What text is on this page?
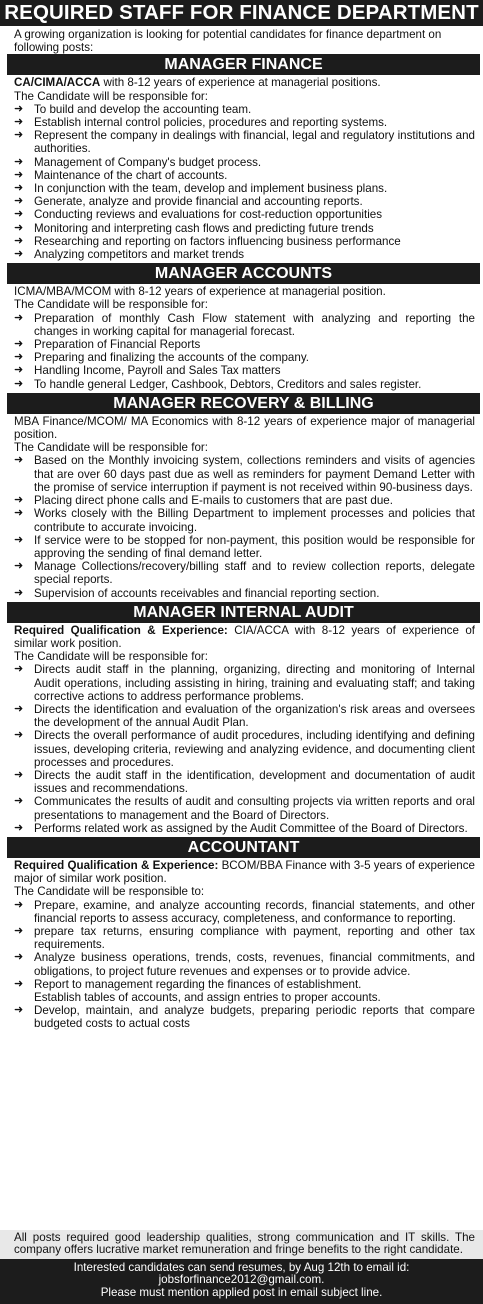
REQUIRED STAFF FOR FINANCE DEPARTMENT
A growing organization is looking for potential candidates for finance department on following posts:
MANAGER FINANCE

CA/CIMA/ACCA with 8-12 years of experience at managerial positions.

The Candidate will be responsible for:

➜ To build and develop the accounting team.
➜ Establish internal control policies, procedures and reporting systems.
➜ Represent the company in dealings with financial, legal and regulatory institutions and authorities.
➜ Management of Company's budget process.
➜ Maintenance of the chart of accounts.
➜ In conjunction with the team, develop and implement business plans.
➜ Generate, analyze and provide financial and accounting reports.
➜ Conducting reviews and evaluations for cost-reduction opportunities
➜ Monitoring and interpreting cash flows and predicting future trends
➜ Researching and reporting on factors influencing business performance
➜ Analyzing competitors and market trends
MANAGER ACCOUNTS

ICMA/MBA/MCOM with 8-12 years of experience at managerial position.

The Candidate will be responsible for:

➜ Preparation of monthly Cash Flow statement with analyzing and reporting the changes in working capital for managerial forecast.
➜ Preparation of Financial Reports
➜ Preparing and finalizing the accounts of the company.
➜ Handling Income, Payroll and Sales Tax matters
➜ To handle general Ledger, Cashbook, Debtors, Creditors and sales register.
MANAGER RECOVERY & BILLING

MBA Finance/MCOM/ MA Economics with 8-12 years of experience major of managerial position.

The Candidate will be responsible for:

➜ Based on the Monthly invoicing system, collections reminders and visits of agencies that are over 60 days past due as well as reminders for payment Demand Letter with the promise of service interruption if payment is not received within 90-business days.
➜ Placing direct phone calls and E-mails to customers that are past due.
➜ Works closely with the Billing Department to implement processes and policies that contribute to accurate invoicing.
➜ If service were to be stopped for non-payment, this position would be responsible for approving the sending of final demand letter.
➜ Manage Collections/recovery/billing staff and to review collection reports, delegate special reports.
➜ Supervision of accounts receivables and financial reporting section.
MANAGER INTERNAL AUDIT

Required Qualification & Experience: CIA/ACCA with 8-12 years of experience of similar work position.

The Candidate will be responsible for:

➜ Directs audit staff in the planning, organizing, directing and monitoring of Internal Audit operations, including assisting in hiring, training and evaluating staff; and taking corrective actions to address performance problems.
➜ Directs the identification and evaluation of the organization's risk areas and oversees the development of the annual Audit Plan.
➜ Directs the overall performance of audit procedures, including identifying and defining issues, developing criteria, reviewing and analyzing evidence, and documenting client processes and procedures.
➜ Directs the audit staff in the identification, development and documentation of audit issues and recommendations.
➜ Communicates the results of audit and consulting projects via written reports and oral presentations to management and the Board of Directors.
➜ Performs related work as assigned by the Audit Committee of the Board of Directors.
ACCOUNTANT

Required Qualification & Experience: BCOM/BBA Finance with 3-5 years of experience major of similar work position.

The Candidate will be responsible to:

➜ Prepare, examine, and analyze accounting records, financial statements, and other financial reports to assess accuracy, completeness, and conformance to reporting.
➜ prepare tax returns, ensuring compliance with payment, reporting and other tax requirements.
➜ Analyze business operations, trends, costs, revenues, financial commitments, and obligations, to project future revenues and expenses or to provide advice.
➜ Report to management regarding the finances of establishment.

Establish tables of accounts, and assign entries to proper accounts.

➜ Develop, maintain, and analyze budgets, preparing periodic reports that compare budgeted costs to actual costs
All posts required good leadership qualities, strong communication and IT skills. The company offers lucrative market remuneration and fringe benefits to the right candidate.
Interested candidates can send resumes, by Aug 12th to email id:
jobsforfinance2012@gmail.com.
Please must mention applied post in email subject line.
